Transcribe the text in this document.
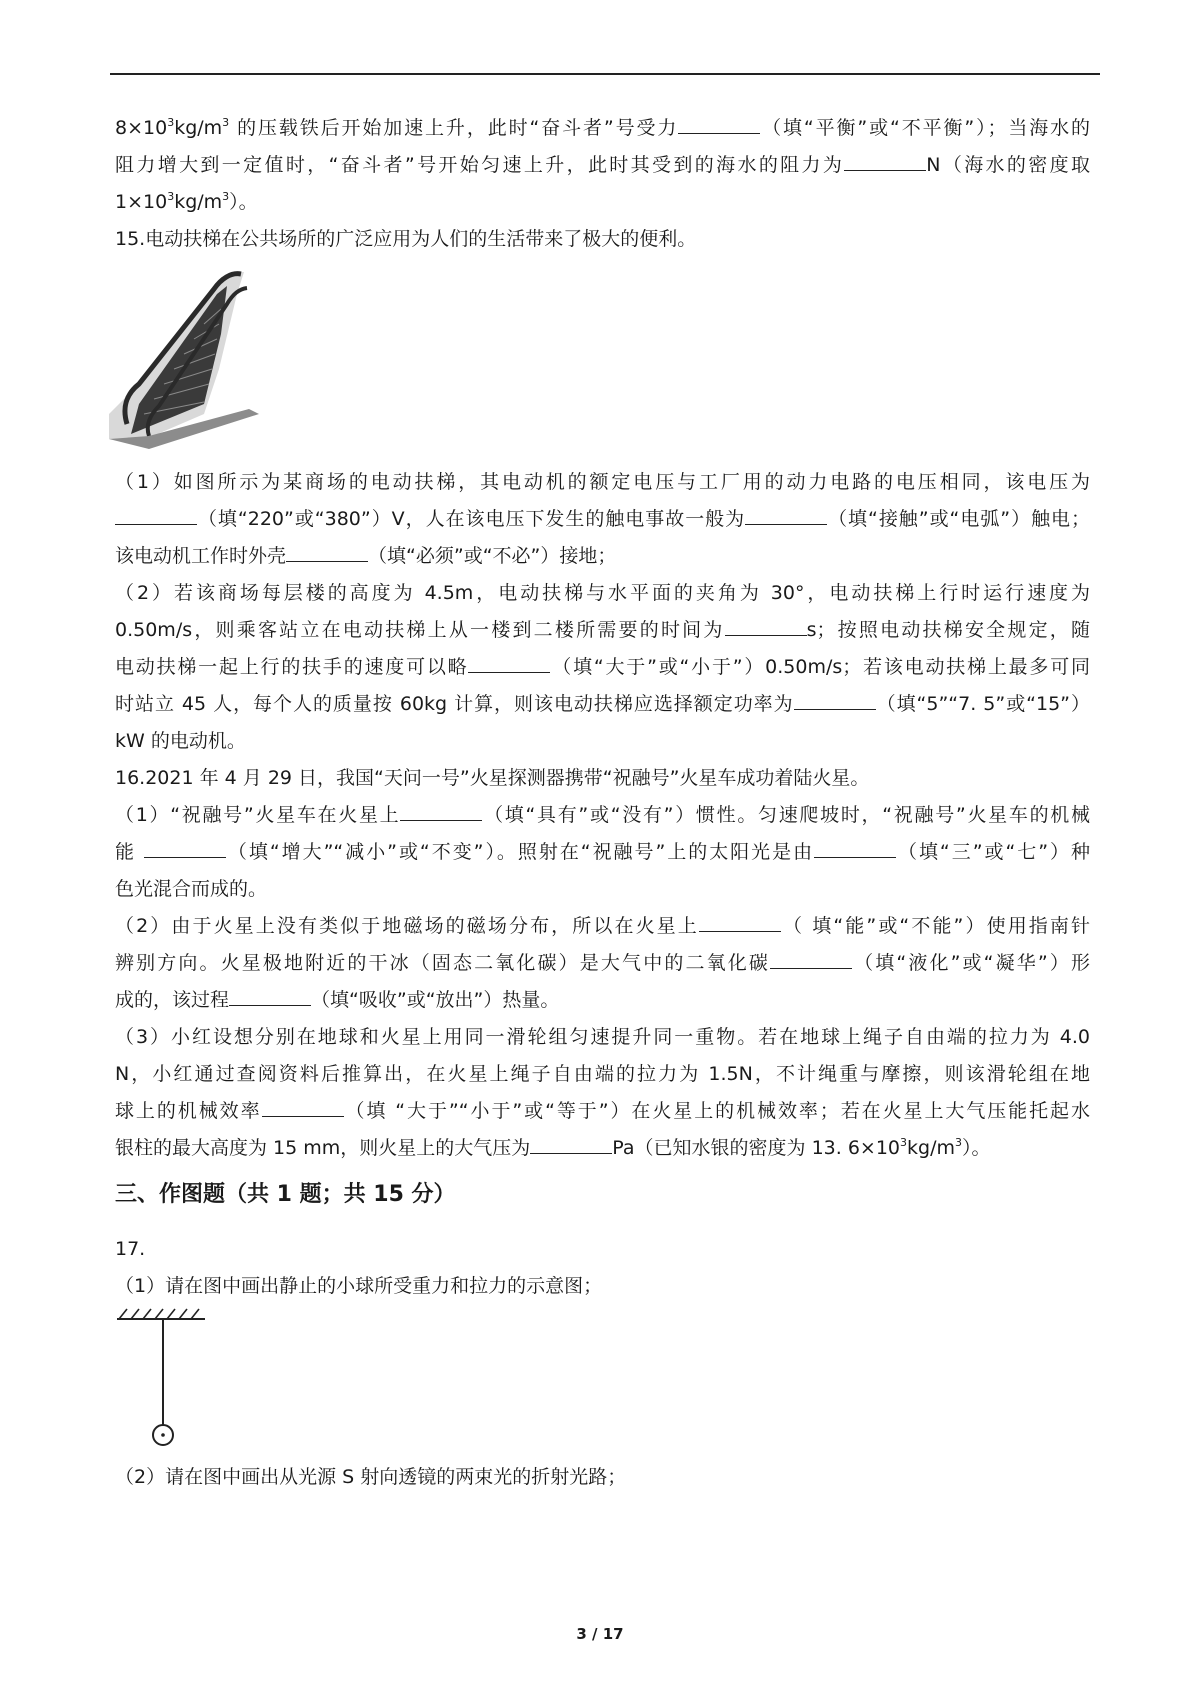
$8\times 10^3kg/m^3$ 的压载铁后开始加速上升，此时“奋斗者”号受力	（填“平衡”或“不平衡”）；当海水的
阻力增大到一定值时，“奋斗者”号开始匀速上升，此时其受到的海水的阻力为	N（海水的密度取
$1\times 10^3kg/m^3$）。
15.电动扶梯在公共场所的广泛应用为人们的生活带来了极大的便利。
（1）如图所示为某商场的电动扶梯，其电动机的额定电压与工厂用的动力电路的电压相同，该电压为
（填“220”或“380”）V，人在该电压下发生的触电事故一般为	（填“接触”或“电弧”）触电；
该电动机工作时外壳	（填“必须”或“不必”）接地；
（2）若该商场每层楼的高度为 4.5m，电动扶梯与水平面的夹角为 30°，电动扶梯上行时运行速度为
0.50m/s，则乘客站立在电动扶梯上从一楼到二楼所需要的时间为	s；按照电动扶梯安全规定，随
电动扶梯一起上行的扶手的速度可以略	（填“大于”或“小于”）0.50m/s；若该电动扶梯上最多可同
时站立 45 人，每个人的质量按 60kg 计算，则该电动扶梯应选择额定功率为	（填“5”“7. 5”或“15”）
kW 的电动机。
16.2021 年 4 月 29 日，我国“天问一号”火星探测器携带“祝融号”火星车成功着陆火星。
（1）“祝融号”火星车在火星上	（填“具有”或“没有”）惯性。匀速爬坡时，“祝融号”火星车的机械
能	（填“增大”“减小”或“不变”）。照射在“祝融号”上的太阳光是由	（填“三”或“七”）种
色光混合而成的。
（2）由于火星上没有类似于地磁场的磁场分布，所以在火星上	（ 填“能”或“不能”）使用指南针
辨别方向。火星极地附近的干冰（固态二氧化碳）是大气中的二氧化碳	（填“液化”或“凝华”）形
成的，该过程	（填“吸收”或“放出”）热量。
（3）小红设想分别在地球和火星上用同一滑轮组匀速提升同一重物。若在地球上绳子自由端的拉力为 4.0
N，小红通过查阅资料后推算出，在火星上绳子自由端的拉力为 1.5N，不计绳重与摩擦，则该滑轮组在地
球上的机械效率	（填 “大于”“小于”或“等于”）在火星上的机械效率；若在火星上大气压能托起水
银柱的最大高度为 15 mm，则火星上的大气压为	Pa（已知水银的密度为 13. $6\times 10^3kg/m^3$）。
三、作图题（共 1 题；共 15 分）
17.
（1）请在图中画出静止的小球所受重力和拉力的示意图；
（2）请在图中画出从光源 S 射向透镜的两束光的折射光路；
3 / 17
